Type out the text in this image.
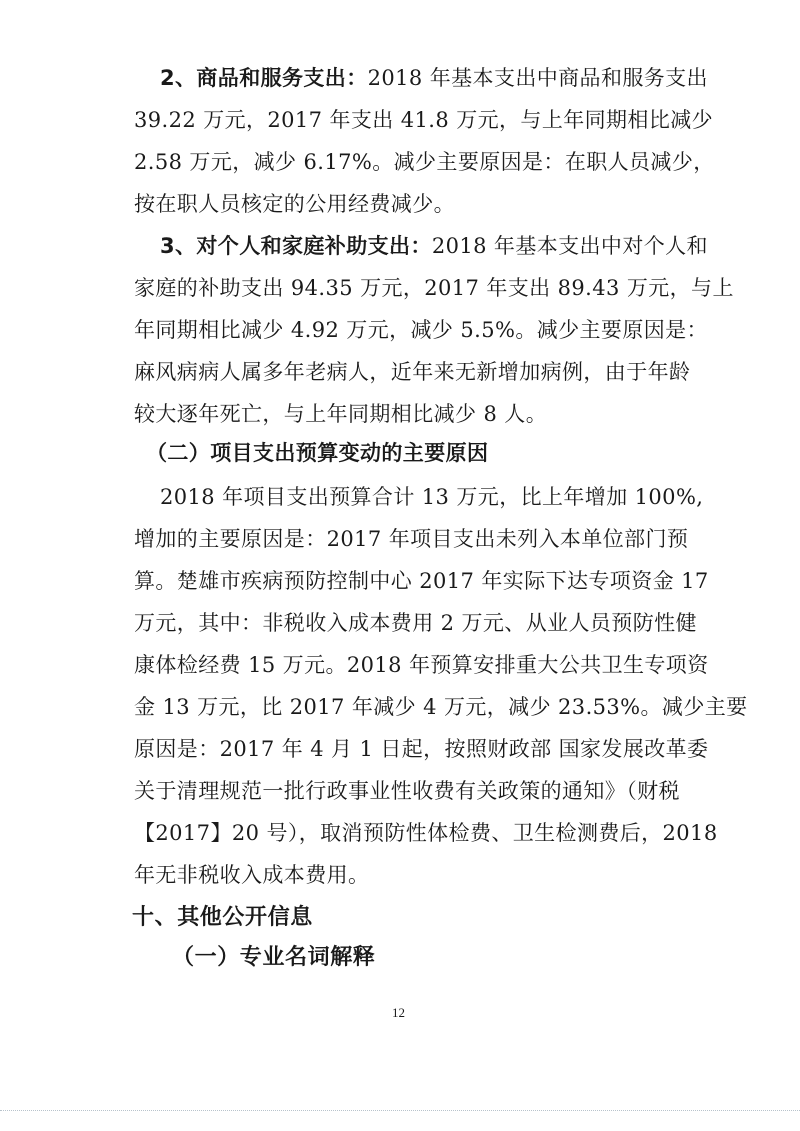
2、商品和服务支出：2018 年基本支出中商品和服务支出
39.22 万元，2017 年支出 41.8 万元，与上年同期相比减少
2.58 万元，减少 6.17%。减少主要原因是：在职人员减少，
按在职人员核定的公用经费减少。
3、对个人和家庭补助支出：2018 年基本支出中对个人和
家庭的补助支出 94.35 万元，2017 年支出 89.43 万元，与上
年同期相比减少 4.92 万元，减少 5.5%。减少主要原因是：
麻风病病人属多年老病人，近年来无新增加病例，由于年龄
较大逐年死亡，与上年同期相比减少 8 人。
（二）项目支出预算变动的主要原因
2018 年项目支出预算合计 13 万元，比上年增加 100%,
增加的主要原因是：2017 年项目支出未列入本单位部门预
算。楚雄市疾病预防控制中心 2017 年实际下达专项资金 17
万元，其中：非税收入成本费用 2 万元、从业人员预防性健
康体检经费 15 万元。2018 年预算安排重大公共卫生专项资
金 13 万元，比 2017 年减少 4 万元，减少 23.53%。减少主要
原因是：2017 年 4 月 1 日起，按照财政部 国家发展改革委
关于清理规范一批行政事业性收费有关政策的通知》（财税
【2017】20 号），取消预防性体检费、卫生检测费后，2018
年无非税收入成本费用。
十、其他公开信息
（一）专业名词解释
12
